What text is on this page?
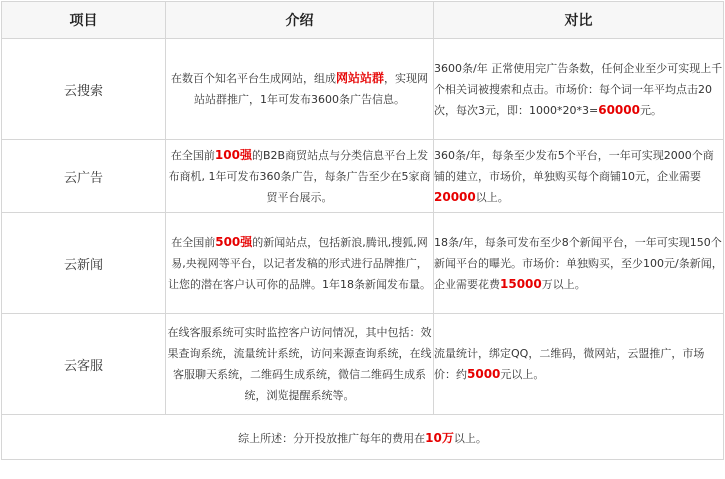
项目	介绍	对比
云搜索	在数百个知名平台生成网站，组成网站站群，实现网站站群推广，1年可发布3600条广告信息。	3600条/年 正常使用完广告条数，任何企业至少可实现上千个相关词被搜索和点击。市场价：每个词一年平均点击20次，每次3元，即：1000*20*3=60000元。
云广告	在全国前100强的B2B商贸站点与分类信息平台上发布商机, 1年可发布360条广告，每条广告至少在5家商贸平台展示。	360条/年，每条至少发布5个平台，一年可实现2000个商铺的建立，市场价，单独购买每个商铺10元，企业需要20000以上。
云新闻	在全国前500强的新闻站点，包括新浪,腾讯,搜狐,网易,央视网等平台，以记者发稿的形式进行品牌推广，让您的潜在客户认可你的品牌。1年18条新闻发布量。	18条/年，每条可发布至少8个新闻平台，一年可实现150个新闻平台的曝光。市场价：单独购买，至少100元/条新闻，企业需要花费15000万以上。
云客服	在线客服系统可实时监控客户访问情况，其中包括：效果查询系统，流量统计系统，访问来源查询系统，在线客服聊天系统，二维码生成系统，微信二维码生成系统，浏览提醒系统等。	流量统计，绑定QQ，二维码，微网站，云盟推广，市场价：约5000元以上。
综上所述：分开投放推广每年的费用在10万以上。		
